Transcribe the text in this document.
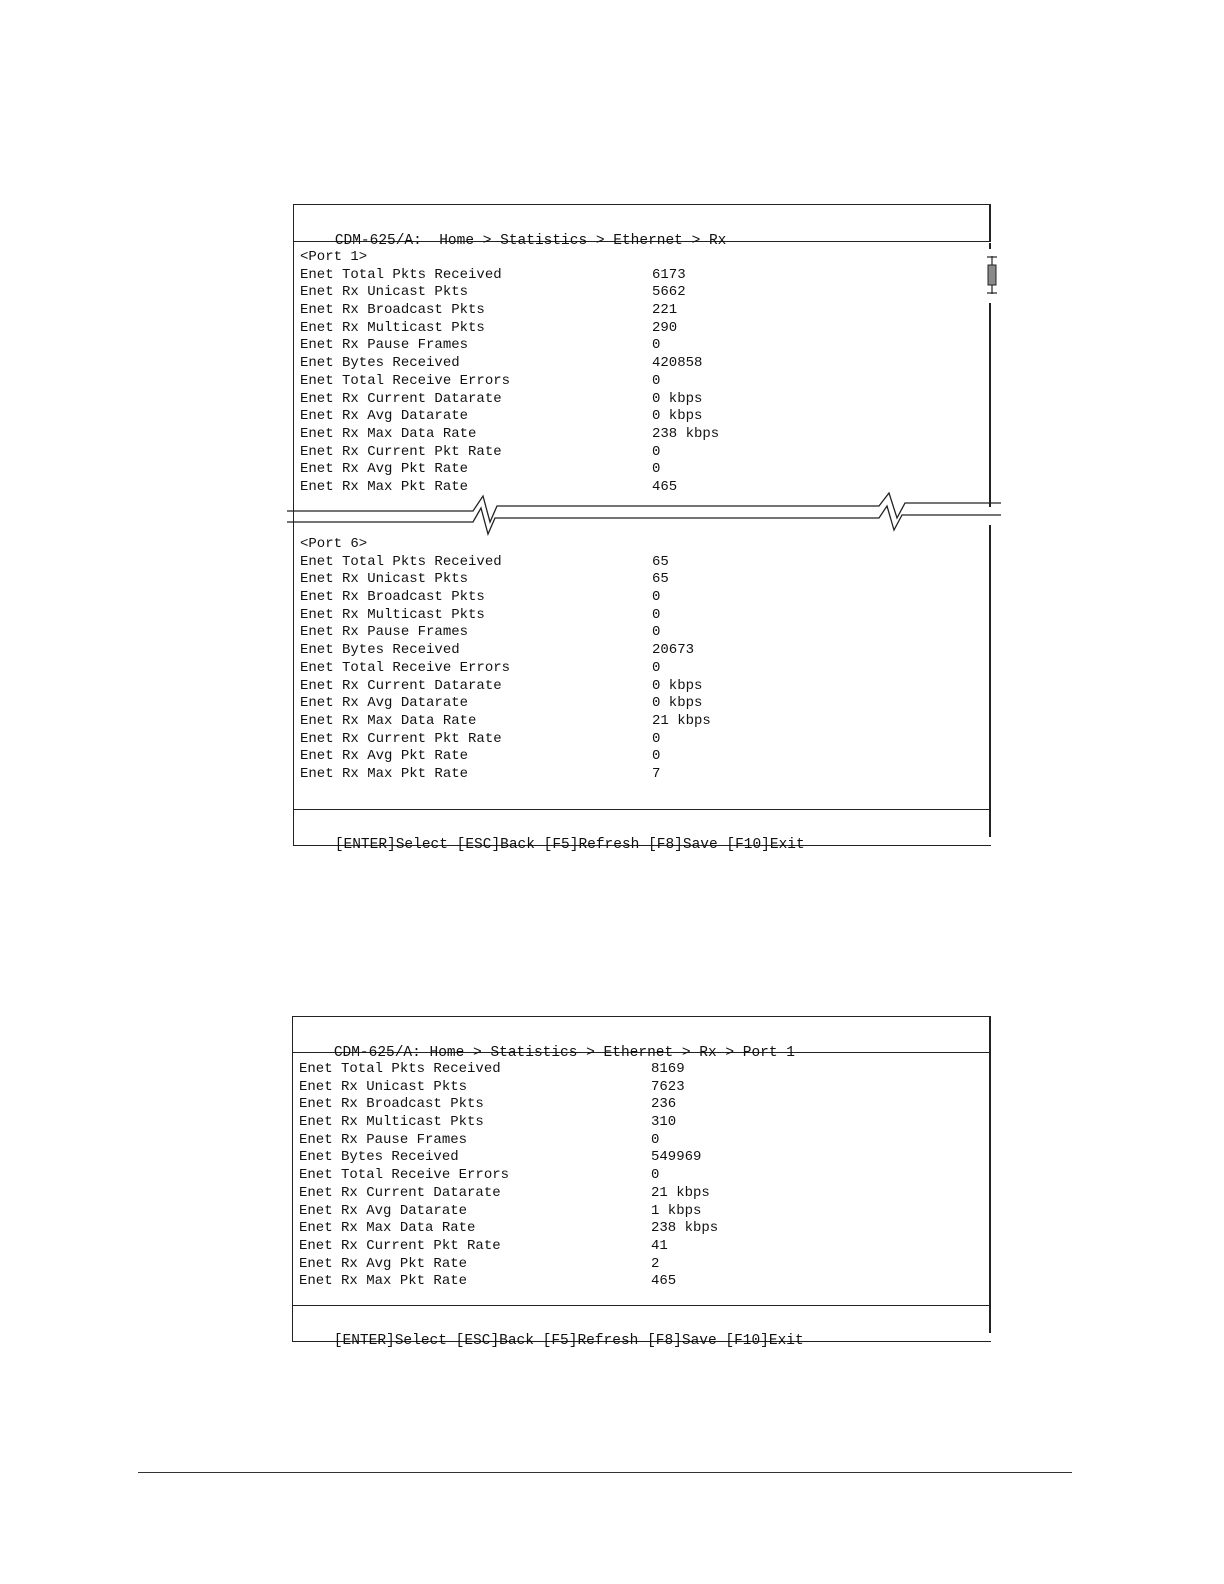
CDM-625/A:  Home > Statistics > Ethernet > Rx

<Port 1>
Enet Total Pkts Received	6173
Enet Rx Unicast Pkts	5662
Enet Rx Broadcast Pkts	221
Enet Rx Multicast Pkts	290
Enet Rx Pause Frames	0
Enet Bytes Received	420858
Enet Total Receive Errors	0
Enet Rx Current Datarate	0 kbps
Enet Rx Avg Datarate	0 kbps
Enet Rx Max Data Rate	238 kbps
Enet Rx Current Pkt Rate	0
Enet Rx Avg Pkt Rate	0
Enet Rx Max Pkt Rate	465
<Port 6>
Enet Total Pkts Received	65
Enet Rx Unicast Pkts	65
Enet Rx Broadcast Pkts	0
Enet Rx Multicast Pkts	0
Enet Rx Pause Frames	0
Enet Bytes Received	20673
Enet Total Receive Errors	0
Enet Rx Current Datarate	0 kbps
Enet Rx Avg Datarate	0 kbps
Enet Rx Max Data Rate	21 kbps
Enet Rx Current Pkt Rate	0
Enet Rx Avg Pkt Rate	0
Enet Rx Max Pkt Rate	7

[ENTER]Select [ESC]Back [F5]Refresh [F8]Save [F10]Exit

CDM-625/A: Home > Statistics > Ethernet > Rx > Port 1

Enet Total Pkts Received	8169
Enet Rx Unicast Pkts	7623
Enet Rx Broadcast Pkts	236
Enet Rx Multicast Pkts	310
Enet Rx Pause Frames	0
Enet Bytes Received	549969
Enet Total Receive Errors	0
Enet Rx Current Datarate	21 kbps
Enet Rx Avg Datarate	1 kbps
Enet Rx Max Data Rate	238 kbps
Enet Rx Current Pkt Rate	41
Enet Rx Avg Pkt Rate	2
Enet Rx Max Pkt Rate	465

[ENTER]Select [ESC]Back [F5]Refresh [F8]Save [F10]Exit
